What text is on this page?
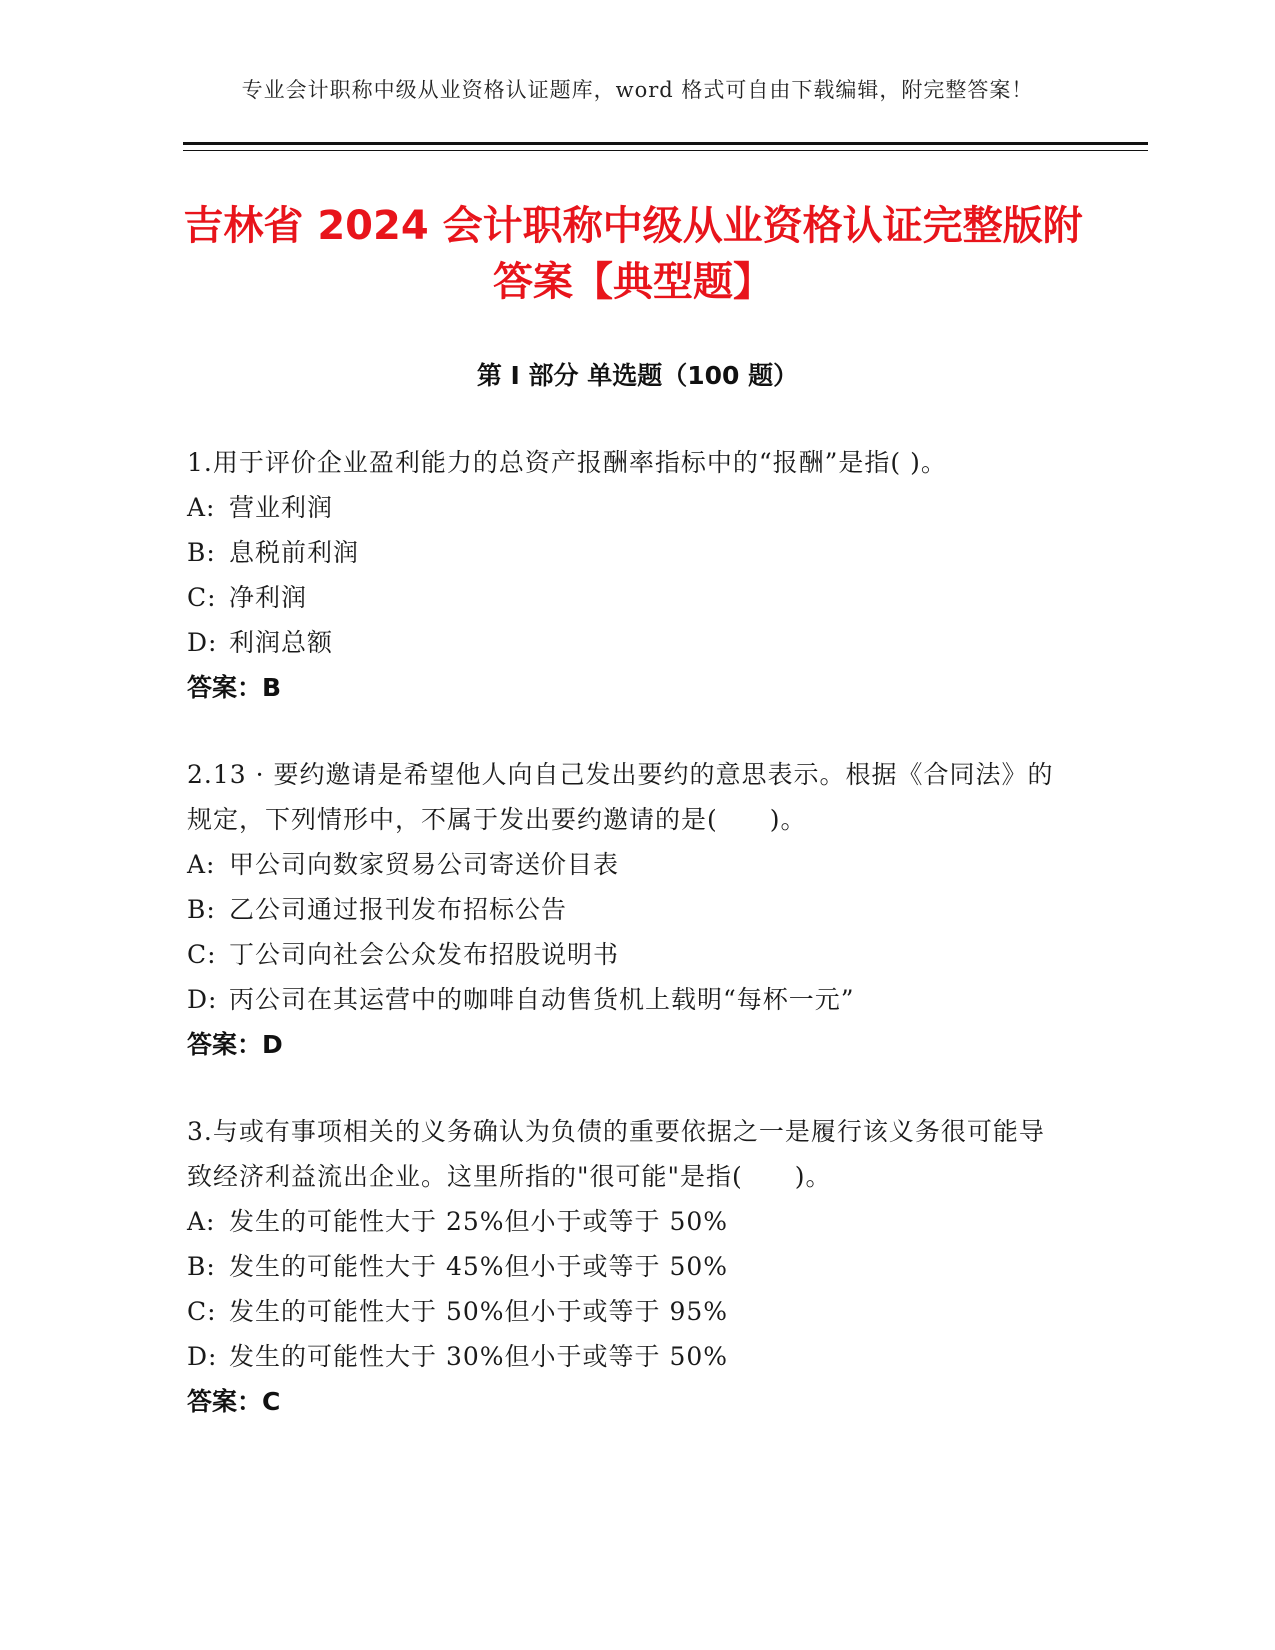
专业会计职称中级从业资格认证题库，word 格式可自由下载编辑，附完整答案！
吉林省 2024 会计职称中级从业资格认证完整版附答案【典型题】
第 I 部分 单选题（100 题）

1.用于评价企业盈利能力的总资产报酬率指标中的“报酬”是指( )。

A: 营业利润
B: 息税前利润
C: 净利润
D: 利润总额
答案：B

2.13 · 要约邀请是希望他人向自己发出要约的意思表示。根据《合同法》的规定，下列情形中，不属于发出要约邀请的是(　　)。

A: 甲公司向数家贸易公司寄送价目表
B: 乙公司通过报刊发布招标公告
C: 丁公司向社会公众发布招股说明书
D: 丙公司在其运营中的咖啡自动售货机上载明“每杯一元”
答案：D

3.与或有事项相关的义务确认为负债的重要依据之一是履行该义务很可能导致经济利益流出企业。这里所指的"很可能"是指(　　)。

A: 发生的可能性大于 25%但小于或等于 50%
B: 发生的可能性大于 45%但小于或等于 50%
C: 发生的可能性大于 50%但小于或等于 95%
D: 发生的可能性大于 30%但小于或等于 50%
答案：C
